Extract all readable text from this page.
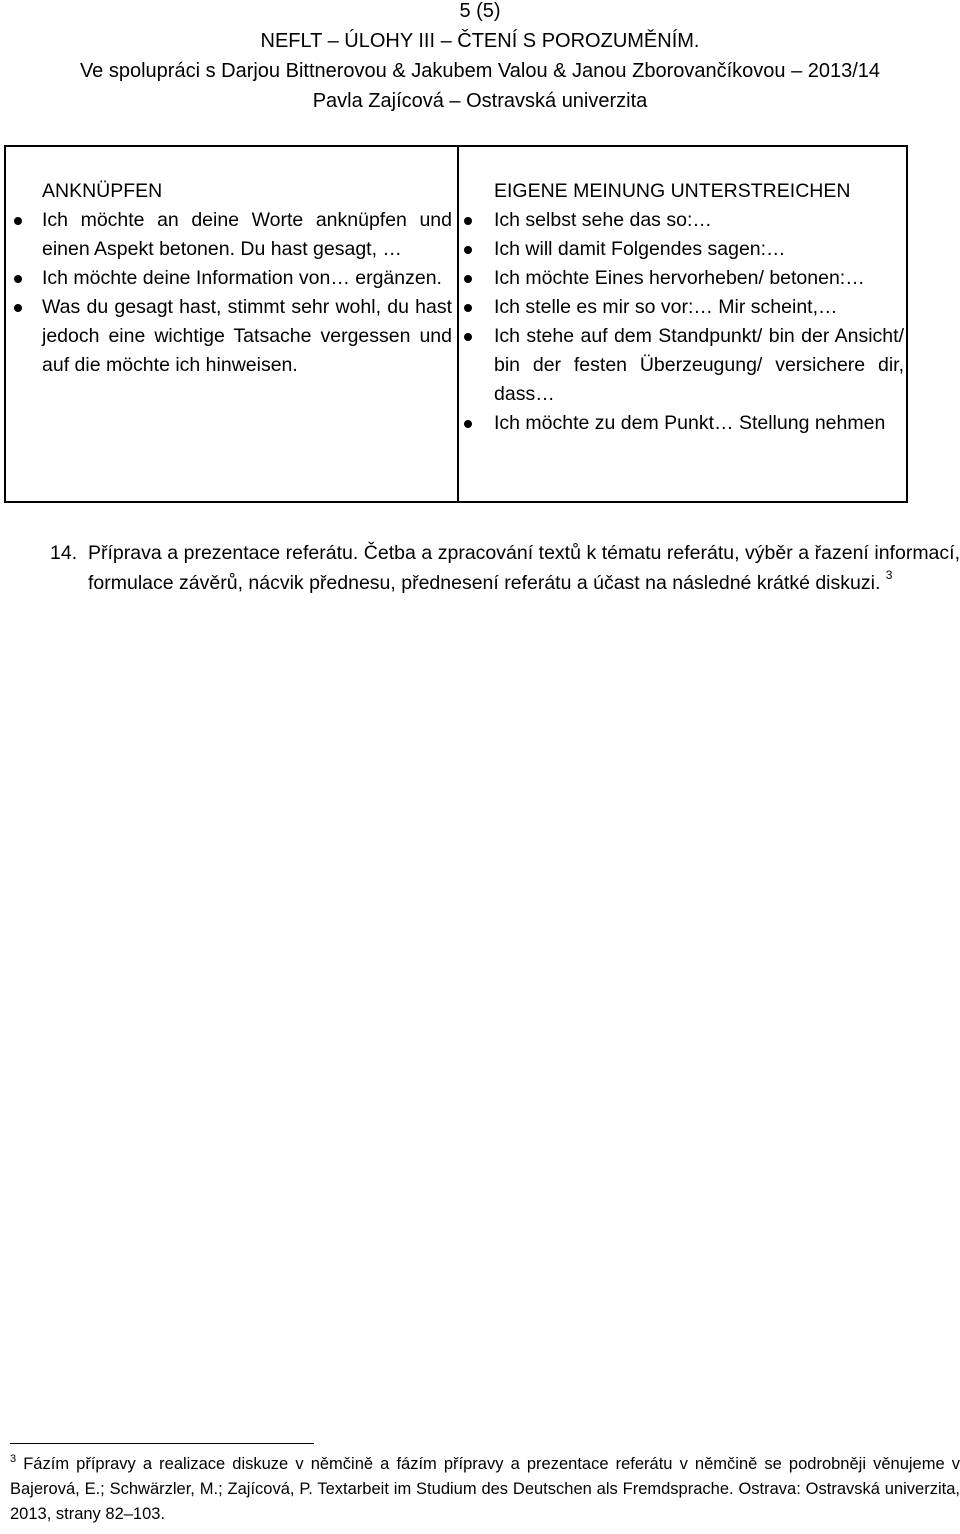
5 (5)
NEFLT – ÚLOHY III – ČTENÍ S POROZUMĚNÍM.
Ve spolupráci s Darjou Bittnerovou & Jakubem Valou & Janou Zborovančíkovou – 2013/14
Pavla Zajícová – Ostravská univerzita
ANKNÜPFEN
Ich möchte an deine Worte anknüpfen und einen Aspekt betonen. Du hast gesagt, …
Ich möchte deine Information von… ergänzen.
Was du gesagt hast, stimmt sehr wohl, du hast jedoch eine wichtige Tatsache vergessen und auf die möchte ich hinweisen.
EIGENE MEINUNG UNTERSTREICHEN
Ich selbst sehe das so:…
Ich will damit Folgendes sagen:…
Ich möchte Eines hervorheben/ betonen:…
Ich stelle es mir so vor:… Mir scheint,…
Ich stehe auf dem Standpunkt/ bin der Ansicht/ bin der festen Überzeugung/ versichere dir, dass…
Ich möchte zu dem Punkt… Stellung nehmen
14. Příprava a prezentace referátu. Četba a zpracování textů k tématu referátu, výběr a řazení informací, formulace závěrů, nácvik přednesu, přednesení referátu a účast na následné krátké diskuzi. $^3$
$^3$ Fázím přípravy a realizace diskuze v němčině a fázím přípravy a prezentace referátu v němčině se podrobněji věnujeme v Bajerová, E.; Schwärzler, M.; Zajícová, P. Textarbeit im Studium des Deutschen als Fremdsprache. Ostrava: Ostravská univerzita, 2013, strany 82–103.
